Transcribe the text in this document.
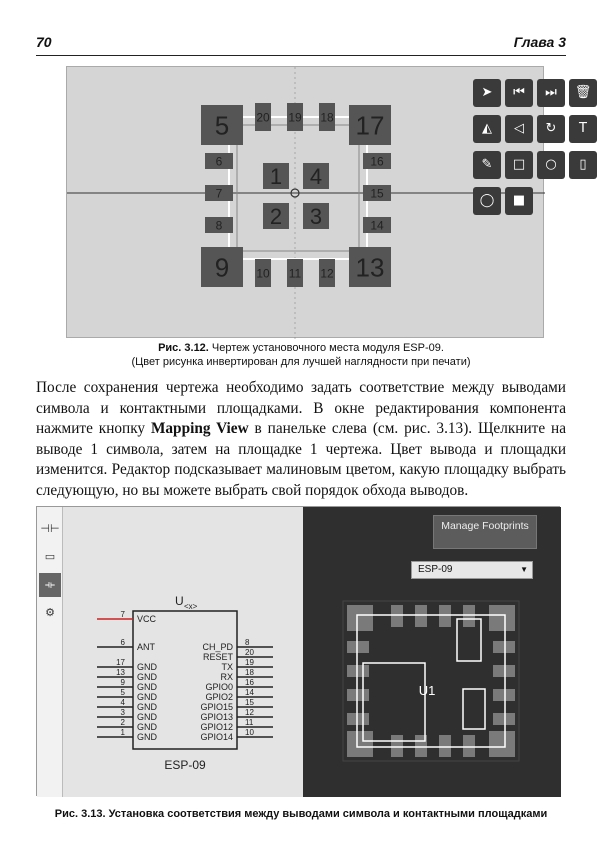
70	Глава 3
5	17
9	13
20 19 18
10 11 12
6
7
8
16
15
14
1 4
2 3
➤	⏮	⏭	🗑
◭	◁	↻	T
✎	□	○	▯
◯	■
Рис. 3.12. Чертеж установочного места модуля ESP-09.
(Цвет рисунка инвертирован для лучшей наглядности при печати)

После сохранения чертежа необходимо задать соответствие между выводами символа и контактными площадками. В окне редактирования компонента нажмите кнопку Mapping View в панельке слева (см. рис. 3.13). Щелкните на выводе 1 символа, затем на площадке 1 чертежа. Цвет вывода и площадки изменится. Редактор подсказывает малиновым цветом, какую площадку выбрать следующую, но вы можете выбрать свой порядок обхода выводов.

U <x>
ESP-09
7 VCC
6 ANT
17 GND
13 GND
9 GND
5 GND
4 GND
3 GND
2 GND
1 GND
8
CH_PD
20
RESET
19
TX
18
RX
16
GPIO0
14
GPIO2
15
GPIO15
12
GPIO13
11
GPIO12
10
GPIO14
⊣⊢
▭
⟛
⚙
U1
Manage Footprints
ESP-09	▼
Рис. 3.13. Установка соответствия между выводами символа и контактными площадками
